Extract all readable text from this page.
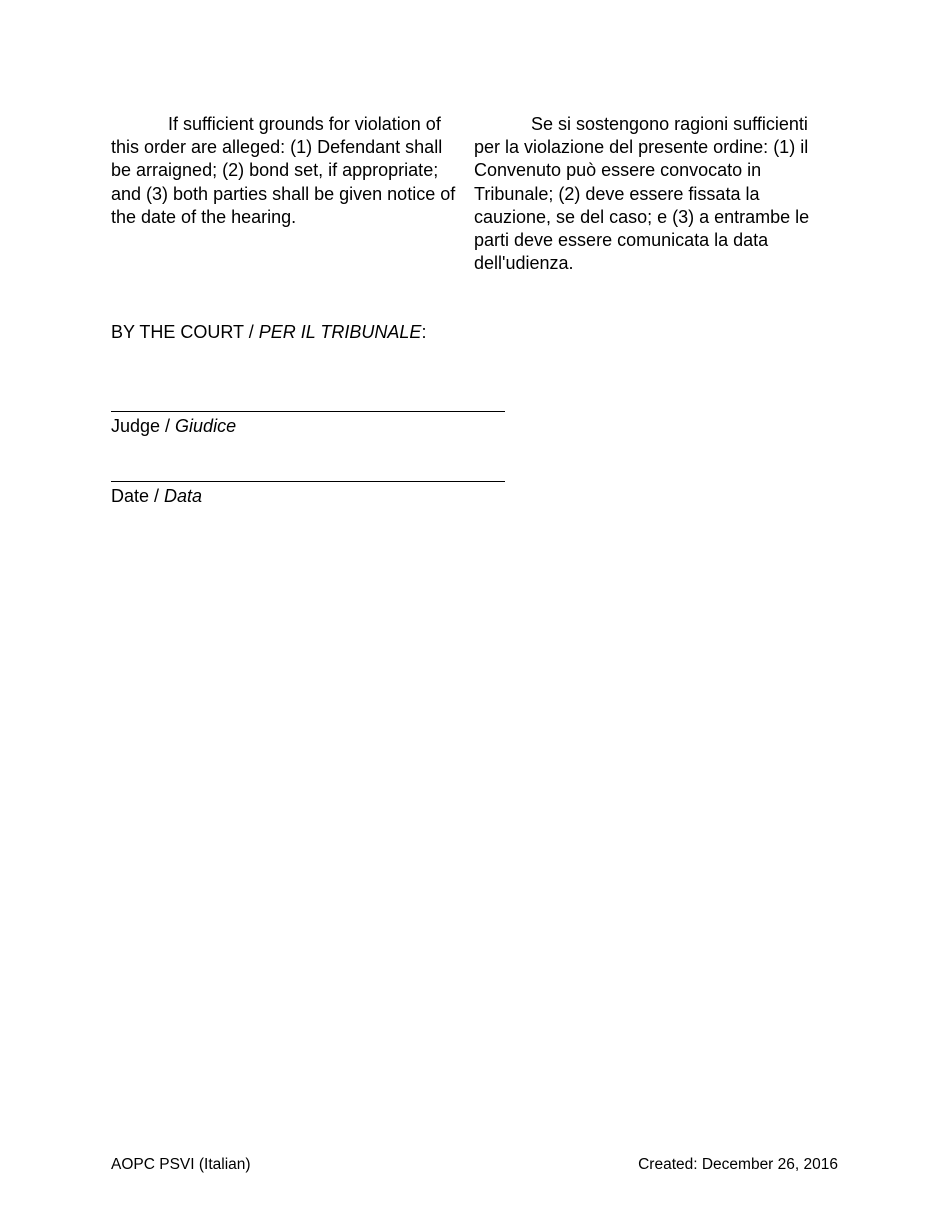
If sufficient grounds for violation of this order are alleged: (1) Defendant shall be arraigned; (2) bond set, if appropriate; and (3) both parties shall be given notice of the date of the hearing.

Se si sostengono ragioni sufficienti per la violazione del presente ordine: (1) il Convenuto può essere convocato in Tribunale; (2) deve essere fissata la cauzione, se del caso; e (3) a entrambe le parti deve essere comunicata la data dell'udienza.

BY THE COURT / PER IL TRIBUNALE:

Judge / Giudice

Date / Data

AOPC PSVI (Italian)	Created: December 26, 2016
